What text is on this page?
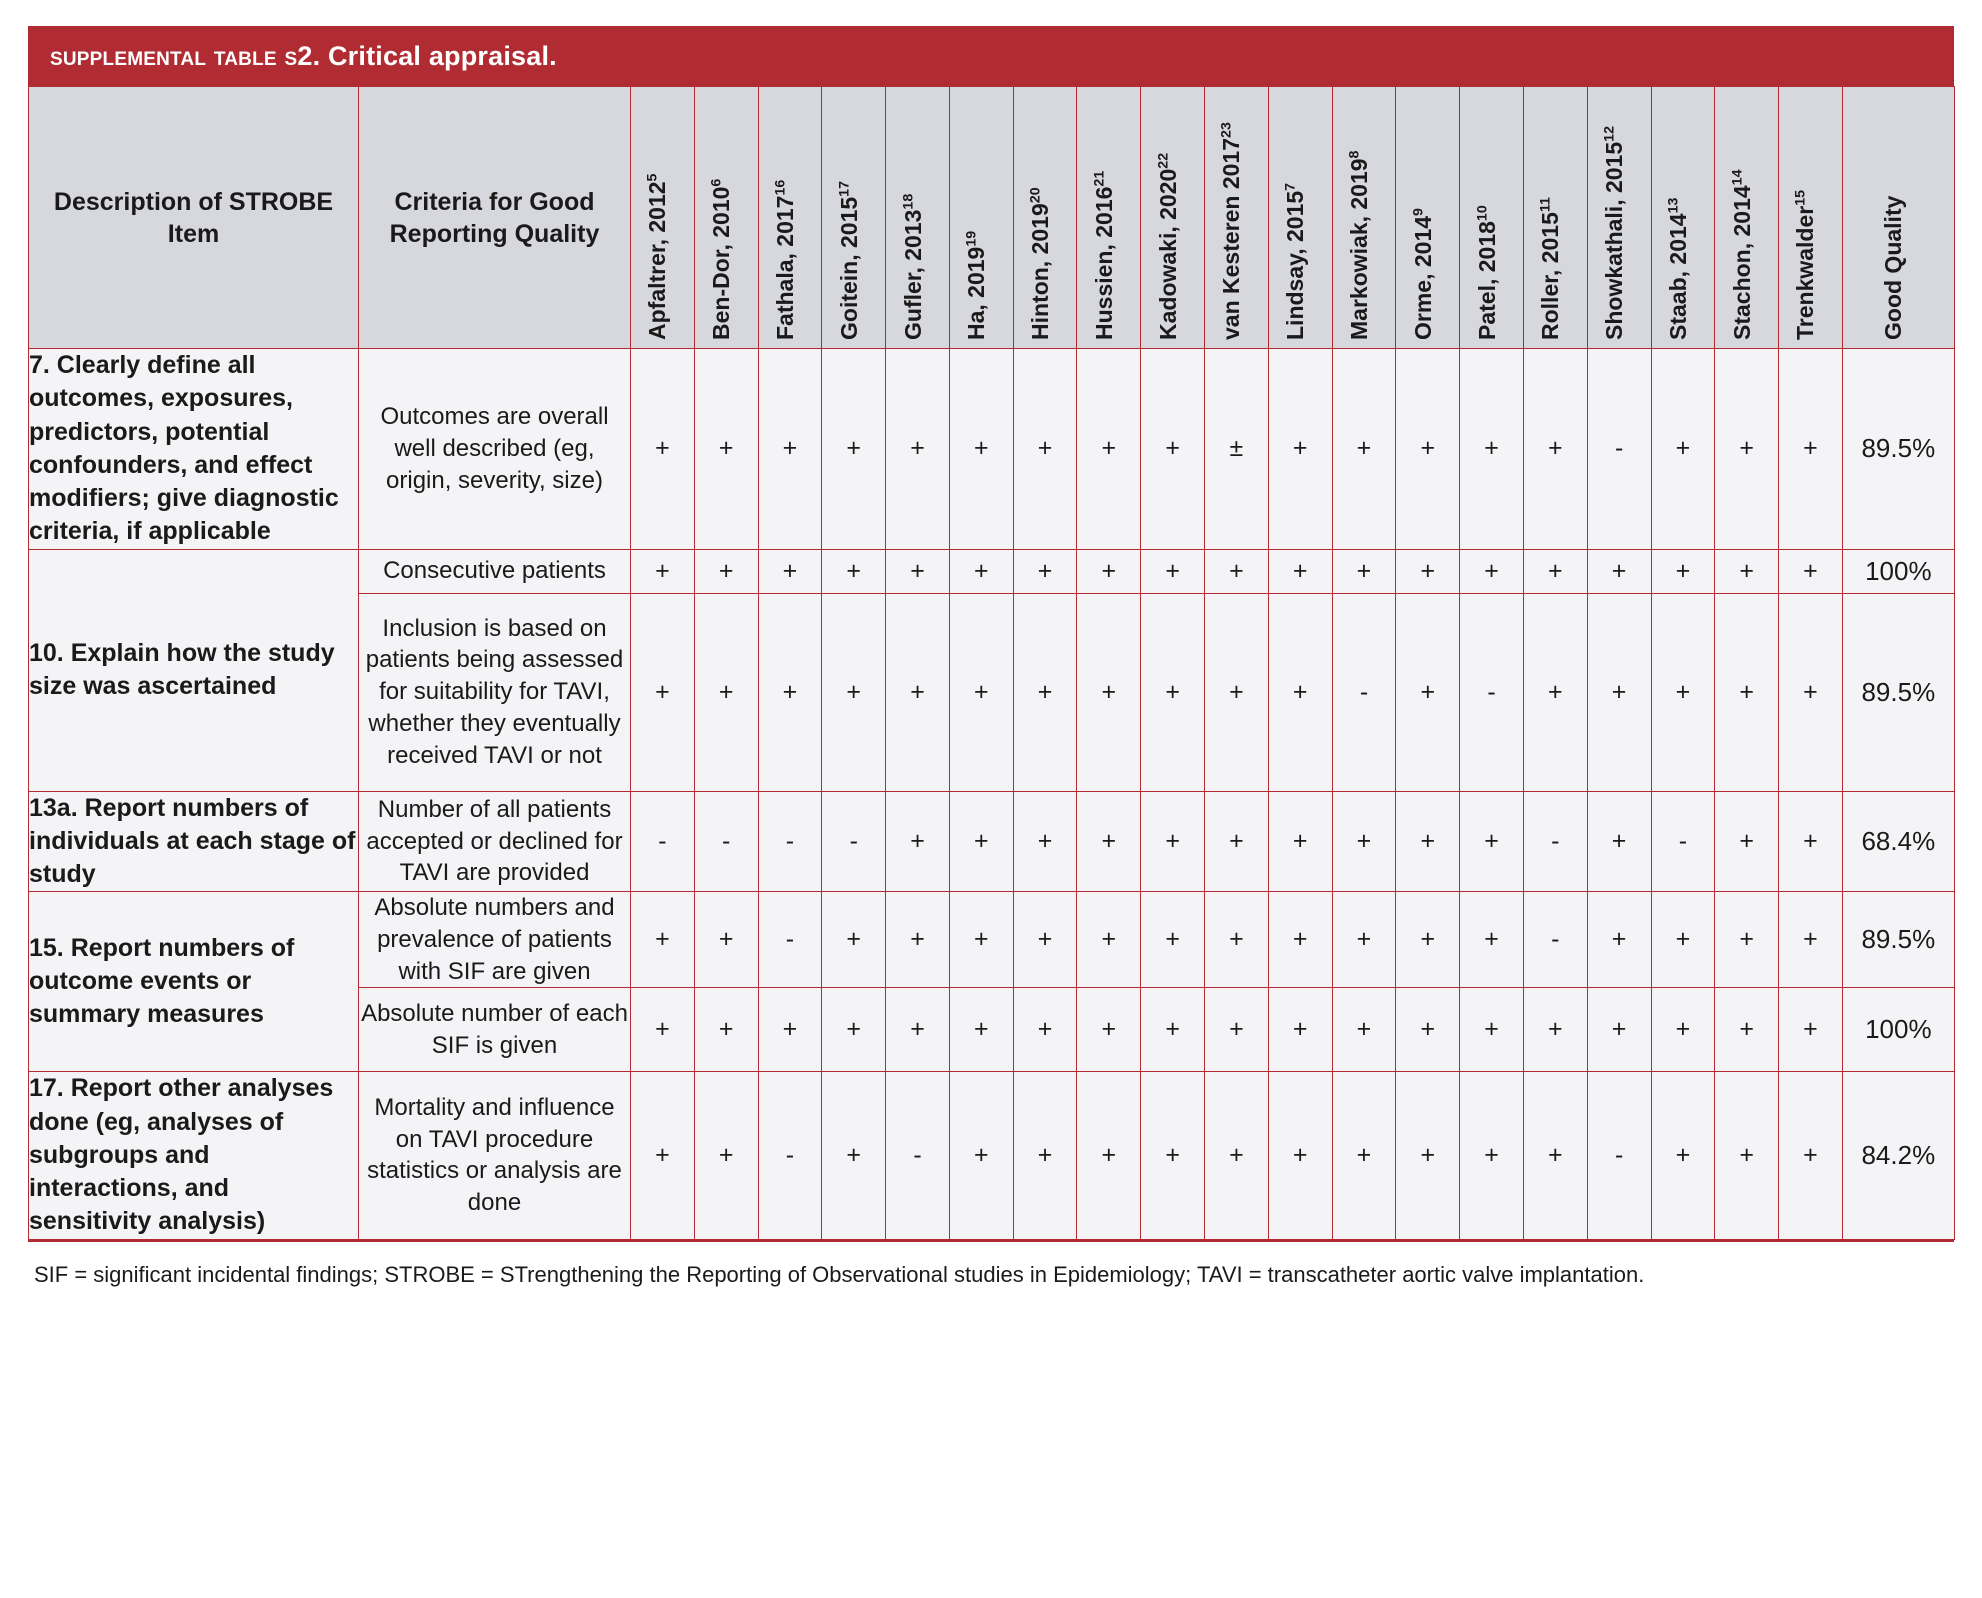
supplemental table s2. Critical appraisal.
Description of STROBE Item	Criteria for Good Reporting Quality	Apfaltrer, 2012$^5$	Ben-Dor, 2010$^6$	Fathala, 2017$^{16}$	Goitein, 2015$^{17}$	Gufler, 2013$^{18}$	Ha, 2019$^{19}$	Hinton, 2019$^{20}$	Hussien, 2016$^{21}$	Kadowaki, 2020$^{22}$	van Kesteren 2017$^{23}$	Lindsay, 2015$^7$	Markowiak, 2019$^8$	Orme, 2014$^9$	Patel, 2018$^{10}$	Roller, 2015$^{11}$	Showkathali, 2015$^{12}$	Staab, 2014$^{13}$	Stachon, 2014$^{14}$	Trenkwalder$^{15}$	Good Quality

7. Clearly define all outcomes, exposures, predictors, potential confounders, and effect modifiers; give diagnostic criteria, if applicable	Outcomes are overall well described (eg, origin, severity, size)	+	+	+	+	+	+	+	+	+	±	+	+	+	+	+	-	+	+	+	89.5%
10. Explain how the study size was ascertained	Consecutive patients	+	+	+	+	+	+	+	+	+	+	+	+	+	+	+	+	+	+	+	100%
	Inclusion is based on patients being assessed for suitability for TAVI, whether they eventually received TAVI or not	+	+	+	+	+	+	+	+	+	+	+	-	+	-	+	+	+	+	+	89.5%
13a. Report numbers of individuals at each stage of study	Number of all patients accepted or declined for TAVI are provided	-	-	-	-	+	+	+	+	+	+	+	+	+	+	-	+	-	+	+	68.4%
15. Report numbers of outcome events or summary measures	Absolute numbers and prevalence of patients with SIF are given	+	+	-	+	+	+	+	+	+	+	+	+	+	+	-	+	+	+	+	89.5%
	Absolute number of each SIF is given	+	+	+	+	+	+	+	+	+	+	+	+	+	+	+	+	+	+	+	100%
17. Report other analyses done (eg, analyses of subgroups and interactions, and sensitivity analysis)	Mortality and influence on TAVI procedure statistics or analysis are done	+	+	-	+	-	+	+	+	+	+	+	+	+	+	+	-	+	+	+	84.2%
SIF = significant incidental findings; STROBE = STrengthening the Reporting of Observational studies in Epidemiology; TAVI = transcatheter aortic valve implantation.
